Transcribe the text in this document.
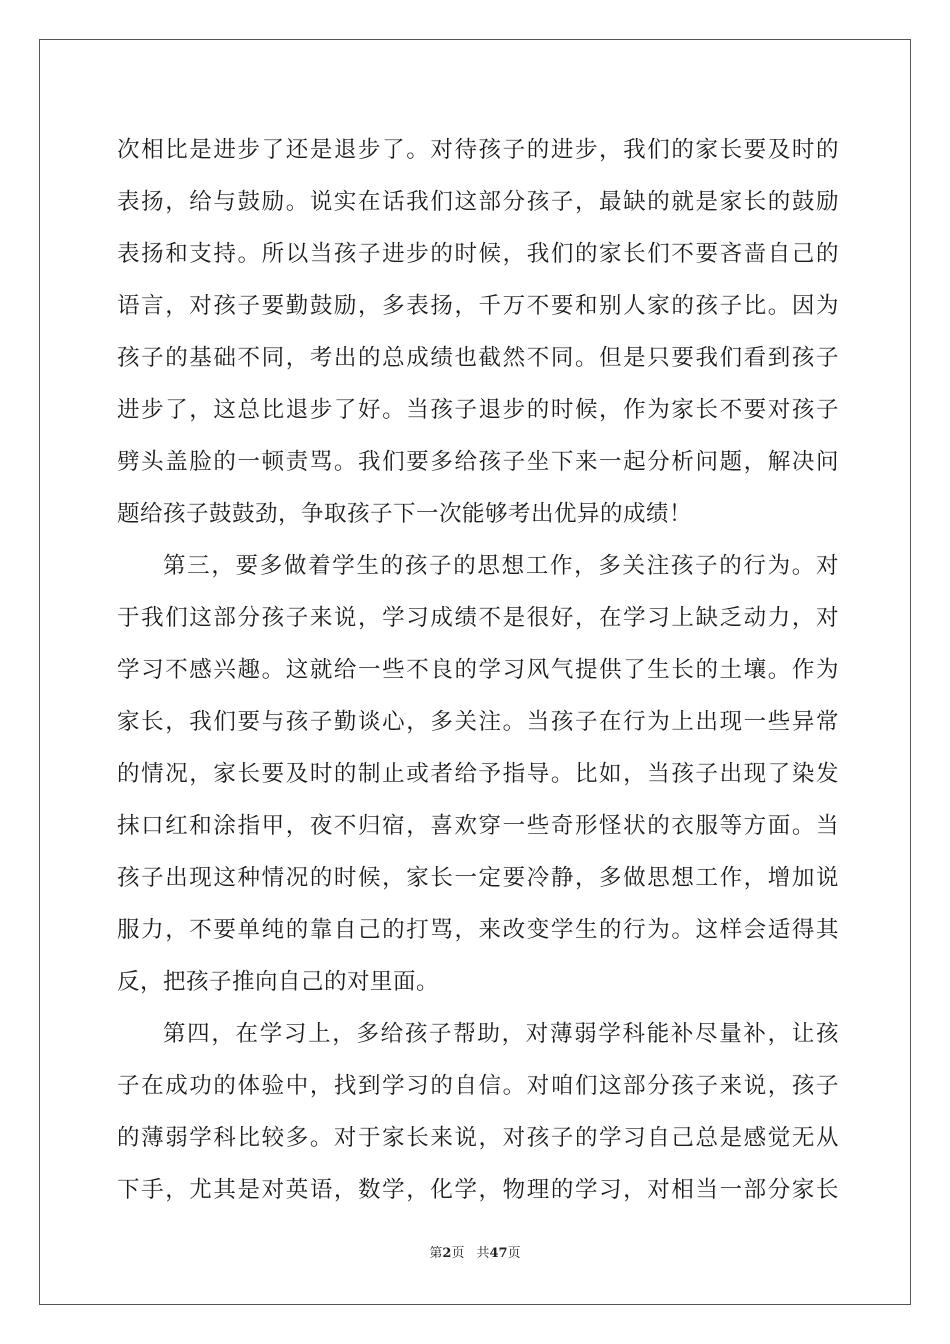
次相比是进步了还是退步了。对待孩子的进步，我们的家长要及时的
表扬，给与鼓励。说实在话我们这部分孩子，最缺的就是家长的鼓励
表扬和支持。所以当孩子进步的时候，我们的家长们不要吝啬自己的
语言，对孩子要勤鼓励，多表扬，千万不要和别人家的孩子比。因为
孩子的基础不同，考出的总成绩也截然不同。但是只要我们看到孩子
进步了，这总比退步了好。当孩子退步的时候，作为家长不要对孩子
劈头盖脸的一顿责骂。我们要多给孩子坐下来一起分析问题，解决问
题给孩子鼓鼓劲，争取孩子下一次能够考出优异的成绩！
第三，要多做着学生的孩子的思想工作，多关注孩子的行为。对
于我们这部分孩子来说，学习成绩不是很好，在学习上缺乏动力，对
学习不感兴趣。这就给一些不良的学习风气提供了生长的土壤。作为
家长，我们要与孩子勤谈心，多关注。当孩子在行为上出现一些异常
的情况，家长要及时的制止或者给予指导。比如，当孩子出现了染发
抹口红和涂指甲，夜不归宿，喜欢穿一些奇形怪状的衣服等方面。当
孩子出现这种情况的时候，家长一定要冷静，多做思想工作，增加说
服力，不要单纯的靠自己的打骂，来改变学生的行为。这样会适得其
反，把孩子推向自己的对里面。
第四，在学习上，多给孩子帮助，对薄弱学科能补尽量补，让孩
子在成功的体验中，找到学习的自信。对咱们这部分孩子来说，孩子
的薄弱学科比较多。对于家长来说，对孩子的学习自己总是感觉无从
下手，尤其是对英语，数学，化学，物理的学习，对相当一部分家长
第2页 共47页
